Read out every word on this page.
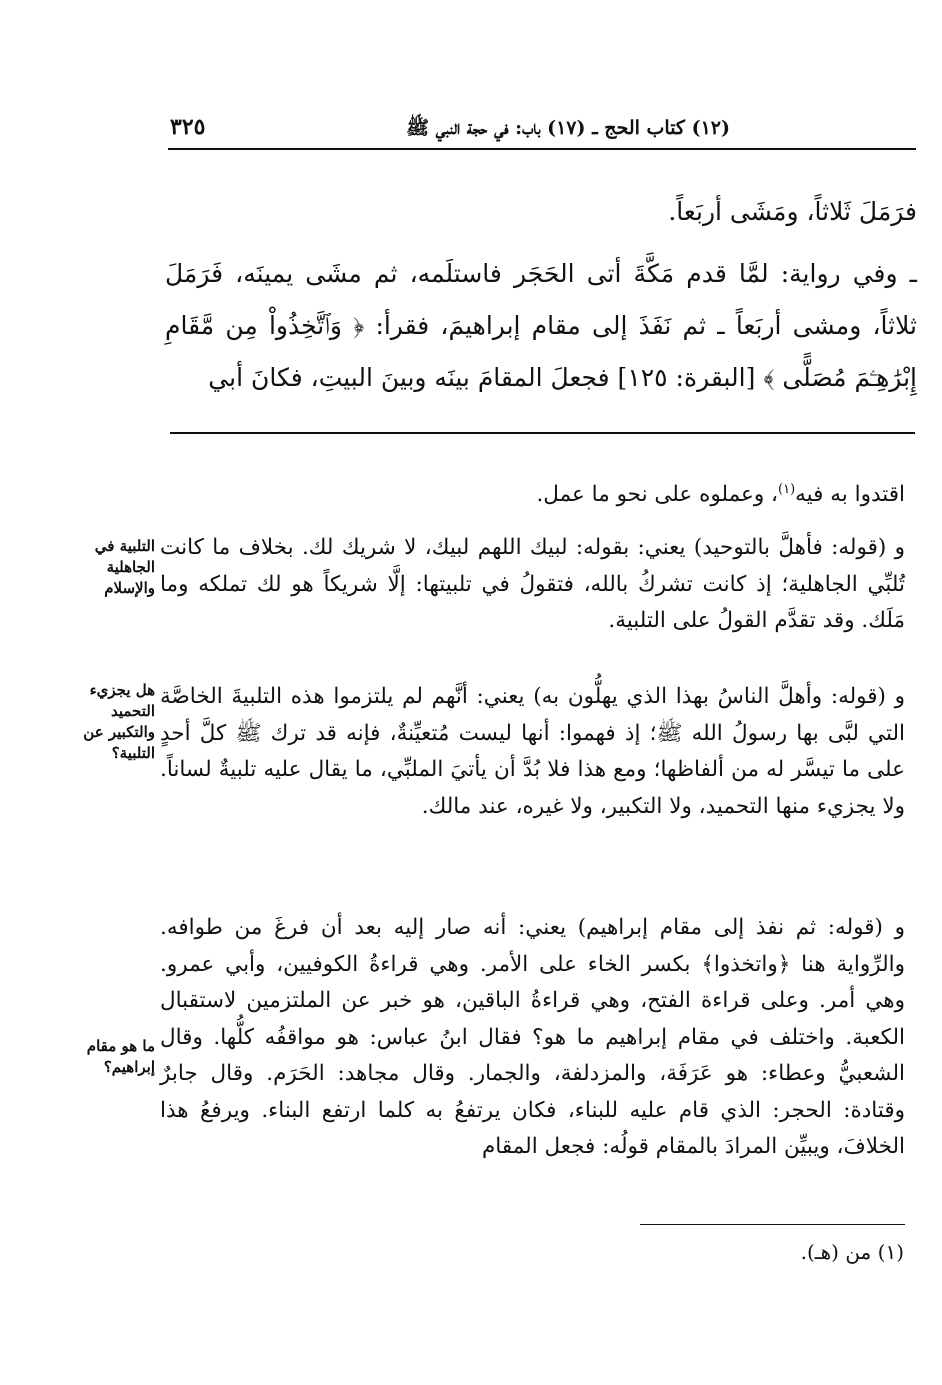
٣٢٥	(١٢) كتاب الحج ـ (١٧) باب: في حجة النبي ﷺ
فرَمَلَ ثَلاثاً، ومَشَى أربَعاً.
ـ وفي رواية: لمَّا قدم مَكَّةَ أتى الحَجَر فاستلَمه، ثم مشَى يمينَه، فَرَمَلَ ثلاثاً، ومشى أربَعاً ـ ثم نَفَذَ إلى مقام إبراهيمَ، فقرأ: ﴿ وَٱتَّخِذُواْ مِن مَّقَامِ إِبْرَٰهِـۧمَ مُصَلًّى ﴾ [البقرة: ١٢٥] فجعلَ المقامَ بينَه وبينَ البيتِ، فكانَ أبي
اقتدوا به فيه$^{(١)}$، وعملوه على نحو ما عمل.
و (قوله: فأهلَّ بالتوحيد) يعني: بقوله: لبيك اللهم لبيك، لا شريك لك. بخلاف ما كانت تُلبِّي الجاهلية؛ إذ كانت تشركُ بالله، فتقولُ في تلبيتها: إلَّا شريكاً هو لك تملكه وما مَلَك. وقد تقدَّم القولُ على التلبية.
و (قوله: وأهلَّ الناسُ بهذا الذي يهلُّون به) يعني: أنَّهم لم يلتزموا هذه التلبيةَ الخاصَّة التي لبَّى بها رسولُ الله ﷺ؛ إذ فهموا: أنها ليست مُتعيِّنةٌ، فإنه قد ترك ﷺ كلَّ أحدٍ على ما تيسَّر له من ألفاظها؛ ومع هذا فلا بُدَّ أن يأتيَ الملبِّي، ما يقال عليه تلبيةٌ لساناً. ولا يجزيء منها التحميد، ولا التكبير، ولا غيره، عند مالك.
و (قوله: ثم نفذ إلى مقام إبراهيم) يعني: أنه صار إليه بعد أن فرغَ من طوافه. والرِّواية هنا ﴿واتخذوا﴾ بكسر الخاء على الأمر. وهي قراءةُ الكوفيين، وأبي عمرو. وهي أمر. وعلى قراءة الفتح، وهي قراءةُ الباقين، هو خبر عن الملتزمين لاستقبال الكعبة. واختلف في مقام إبراهيم ما هو؟ فقال ابنُ عباس: هو مواقفُه كلُّها. وقال الشعبيُّ وعطاء: هو عَرَفَة، والمزدلفة، والجمار. وقال مجاهد: الحَرَم. وقال جابرٌ وقتادة: الحجر: الذي قام عليه للبناء، فكان يرتفعُ به كلما ارتفع البناء. ويرفعُ هذا الخلافَ، ويبيِّن المرادَ بالمقام قولُه: فجعل المقام
التلبية في
الجاهلية
والإسلام
هل يجزيء
التحميد
والتكبير عن
التلبية؟
ما هو مقام
إبراهيم؟
(١) من (هـ).
